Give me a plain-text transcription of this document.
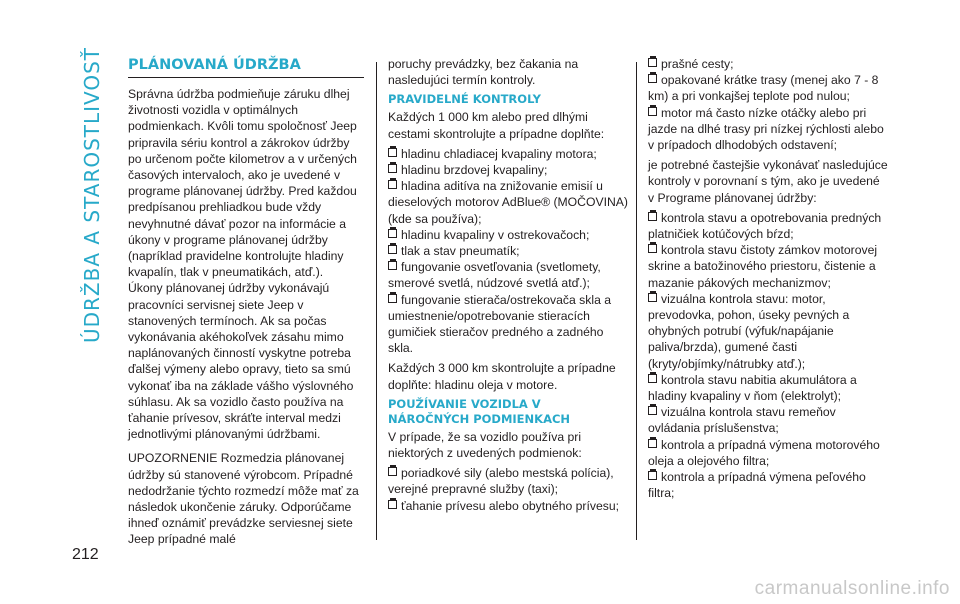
ÚDRŽBA A STAROSTLIVOSŤ
212
PLÁNOVANÁ ÚDRŽBA

Správna údržba podmieňuje záruku dlhej životnosti vozidla v optimálnych podmienkach. Kvôli tomu spoločnosť Jeep pripravila sériu kontrol a zákrokov údržby po určenom počte kilometrov a v určených časových intervaloch, ako je uvedené v programe plánovanej údržby. Pred každou predpísanou prehliadkou bude vždy nevyhnutné dávať pozor na informácie a úkony v programe plánovanej údržby (napríklad pravidelne kontrolujte hladiny kvapalín, tlak v pneumatikách, atď.).

Úkony plánovanej údržby vykonávajú pracovníci servisnej siete Jeep v stanovených termínoch. Ak sa počas vykonávania akéhokoľvek zásahu mimo naplánovaných činností vyskytne potreba ďalšej výmeny alebo opravy, tieto sa smú vykonať iba na základe vášho výslovného súhlasu. Ak sa vozidlo často používa na ťahanie prívesov, skráťte interval medzi jednotlivými plánovanými údržbami.

UPOZORNENIE Rozmedzia plánovanej údržby sú stanovené výrobcom. Prípadné nedodržanie týchto rozmedzí môže mať za následok ukončenie záruky. Odporúčame ihneď oznámiť prevádzke serviesnej siete Jeep prípadné malé

poruchy prevádzky, bez čakania na nasledujúci termín kontroly.

PRAVIDELNÉ KONTROLY

Každých 1 000 km alebo pred dlhými cestami skontrolujte a prípadne doplňte:

hladinu chladiacej kvapaliny motora;
hladinu brzdovej kvapaliny;
hladina aditíva na znižovanie emisií u dieselových motorov AdBlue® (MOČOVINA) (kde sa používa);
hladinu kvapaliny v ostrekovačoch;
tlak a stav pneumatík;
fungovanie osvetľovania (svetlomety, smerové svetlá, núdzové svetlá atď.);
fungovanie stierača/ostrekovača skla a umiestnenie/opotrebovanie stieracích gumičiek stieračov predného a zadného skla.

Každých 3 000 km skontrolujte a prípadne doplňte: hladinu oleja v motore.

POUŽÍVANIE VOZIDLA V
NÁROČNÝCH PODMIENKACH

V prípade, že sa vozidlo používa pri niektorých z uvedených podmienok:

poriadkové sily (alebo mestská polícia), verejné prepravné služby (taxi);
ťahanie prívesu alebo obytného prívesu;
prašné cesty;
opakované krátke trasy (menej ako 7 - 8 km) a pri vonkajšej teplote pod nulou;
motor má často nízke otáčky alebo pri jazde na dlhé trasy pri nízkej rýchlosti alebo v prípadoch dlhodobých odstavení;

je potrebné častejšie vykonávať nasledujúce kontroly v porovnaní s tým, ako je uvedené v Programe plánovanej údržby:

kontrola stavu a opotrebovania predných platničiek kotúčových bŕzd;
kontrola stavu čistoty zámkov motorovej skrine a batožinového priestoru, čistenie a mazanie pákových mechanizmov;
vizuálna kontrola stavu: motor, prevodovka, pohon, úseky pevných a ohybných potrubí (výfuk/napájanie paliva/brzda), gumené časti (kryty/objímky/nátrubky atď.);
kontrola stavu nabitia akumulátora a hladiny kvapaliny v ňom (elektrolyt);
vizuálna kontrola stavu remeňov ovládania príslušenstva;
kontrola a prípadná výmena motorového oleja a olejového filtra;
kontrola a prípadná výmena peľového filtra;
carmanualsonline.info
